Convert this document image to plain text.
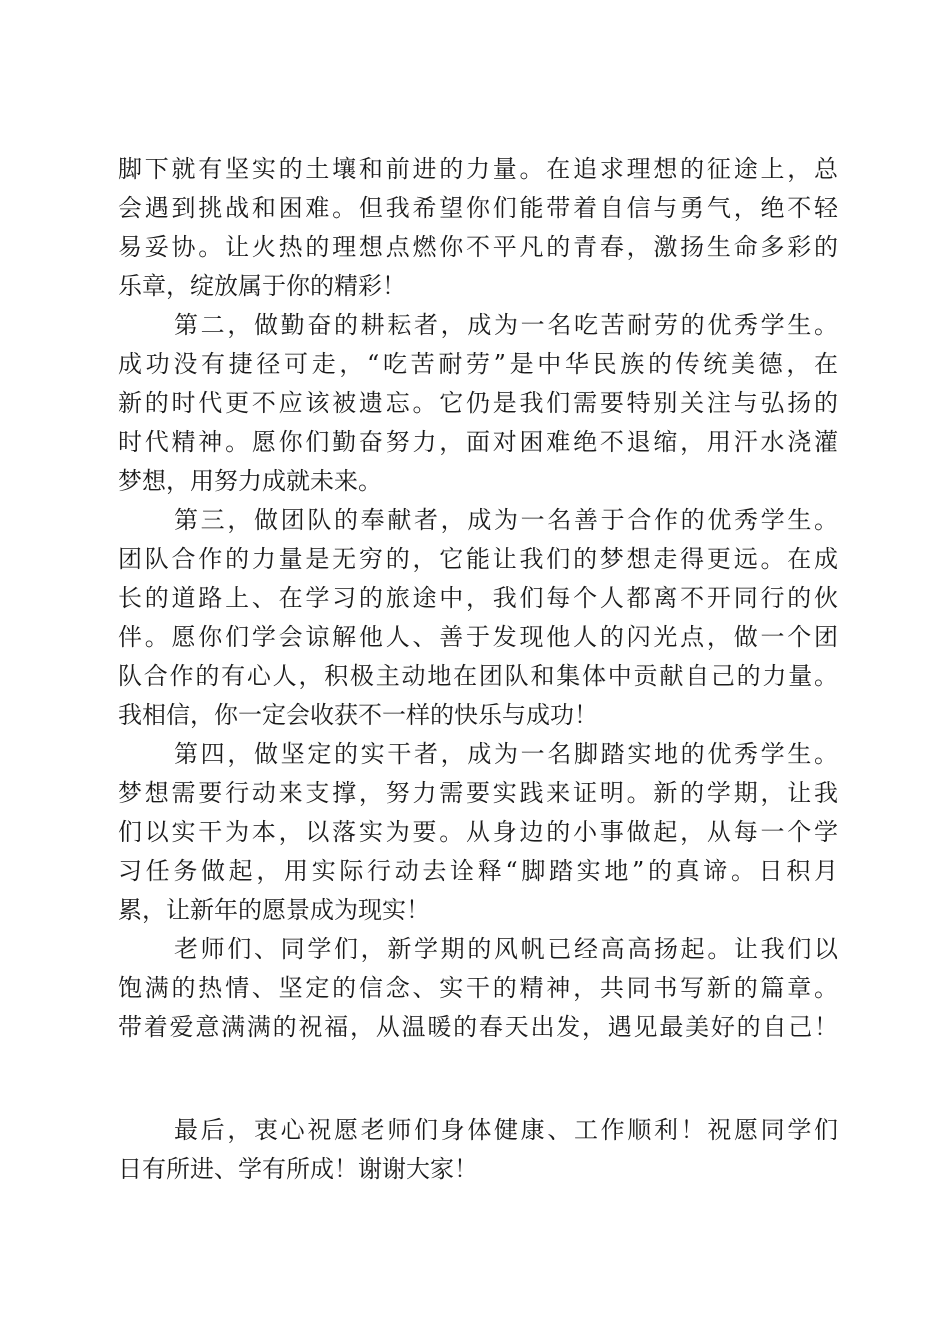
脚下就有坚实的土壤和前进的力量。在追求理想的征途上，总
会遇到挑战和困难。但我希望你们能带着自信与勇气，绝不轻
易妥协。让火热的理想点燃你不平凡的青春，激扬生命多彩的
乐章，绽放属于你的精彩！
第二，做勤奋的耕耘者，成为一名吃苦耐劳的优秀学生。
成功没有捷径可走，“吃苦耐劳”是中华民族的传统美德，在
新的时代更不应该被遗忘。它仍是我们需要特别关注与弘扬的
时代精神。愿你们勤奋努力，面对困难绝不退缩，用汗水浇灌
梦想，用努力成就未来。
第三，做团队的奉献者，成为一名善于合作的优秀学生。
团队合作的力量是无穷的，它能让我们的梦想走得更远。在成
长的道路上、在学习的旅途中，我们每个人都离不开同行的伙
伴。愿你们学会谅解他人、善于发现他人的闪光点，做一个团
队合作的有心人，积极主动地在团队和集体中贡献自己的力量。
我相信，你一定会收获不一样的快乐与成功！
第四，做坚定的实干者，成为一名脚踏实地的优秀学生。
梦想需要行动来支撑，努力需要实践来证明。新的学期，让我
们以实干为本，以落实为要。从身边的小事做起，从每一个学
习任务做起，用实际行动去诠释“脚踏实地”的真谛。日积月
累，让新年的愿景成为现实！
老师们、同学们，新学期的风帆已经高高扬起。让我们以
饱满的热情、坚定的信念、实干的精神，共同书写新的篇章。
带着爱意满满的祝福，从温暖的春天出发，遇见最美好的自己！
最后，衷心祝愿老师们身体健康、工作顺利！祝愿同学们
日有所进、学有所成！谢谢大家！
